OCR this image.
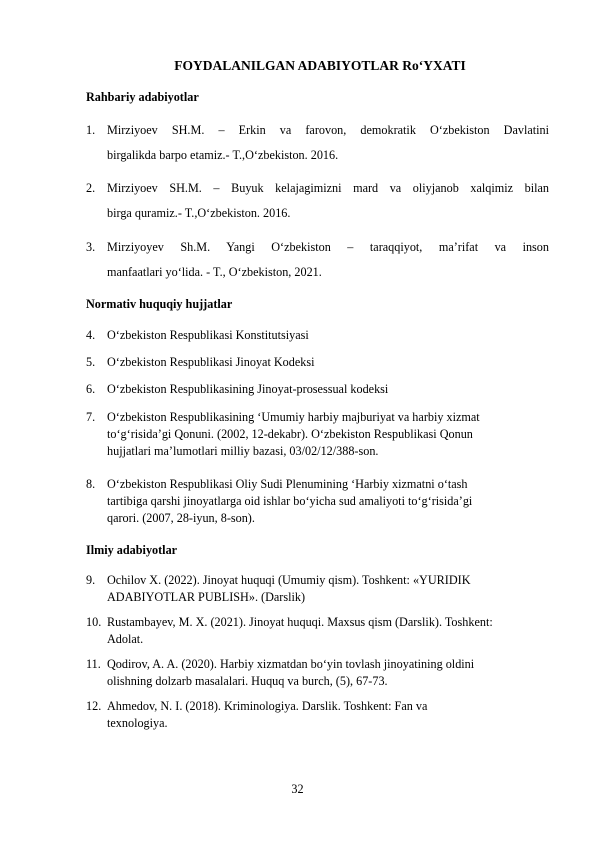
FOYDALANILGAN ADABIYOTLAR Ro‘YXATI
Rahbariy adabiyotlar
1. Mirziyoev SH.M. – Erkin va farovon, demokratik O‘zbekiston Davlatini
birgalikda barpo etamiz.- T.,O‘zbekiston. 2016.
2. Mirziyoev SH.M. – Buyuk kelajagimizni mard va oliyjanob xalqimiz bilan
birga quramiz.- T.,O‘zbekiston. 2016.
3. Mirziyoyev Sh.M. Yangi O‘zbekiston – taraqqiyot, ma’rifat va inson
manfaatlari yo‘lida. - T., O‘zbekiston, 2021.
Normativ huquqiy hujjatlar
4. O‘zbekiston Respublikasi Konstitutsiyasi
5. O‘zbekiston Respublikasi Jinoyat Kodeksi
6. O‘zbekiston Respublikasining Jinoyat-prosessual kodeksi
7. O‘zbekiston Respublikasining ‘Umumiy harbiy majburiyat va harbiy xizmat
to‘g‘risida’gi Qonuni. (2002, 12-dekabr). O‘zbekiston Respublikasi Qonun
hujjatlari ma’lumotlari milliy bazasi, 03/02/12/388-son.
8. O‘zbekiston Respublikasi Oliy Sudi Plenumining ‘Harbiy xizmatni o‘tash
tartibiga qarshi jinoyatlarga oid ishlar bo‘yicha sud amaliyoti to‘g‘risida’gi
qarori. (2007, 28-iyun, 8-son).
Ilmiy adabiyotlar
9. Ochilov X. (2022). Jinoyat huquqi (Umumiy qism). Toshkent: «YURIDIK
ADABIYOTLAR PUBLISH». (Darslik)
10. Rustambayev, M. X. (2021). Jinoyat huquqi. Maxsus qism (Darslik). Toshkent:
Adolat.
11. Qodirov, A. A. (2020). Harbiy xizmatdan bo‘yin tovlash jinoyatining oldini
olishning dolzarb masalalari. Huquq va burch, (5), 67-73.
12. Ahmedov, N. I. (2018). Kriminologiya. Darslik. Toshkent: Fan va
texnologiya.
32
